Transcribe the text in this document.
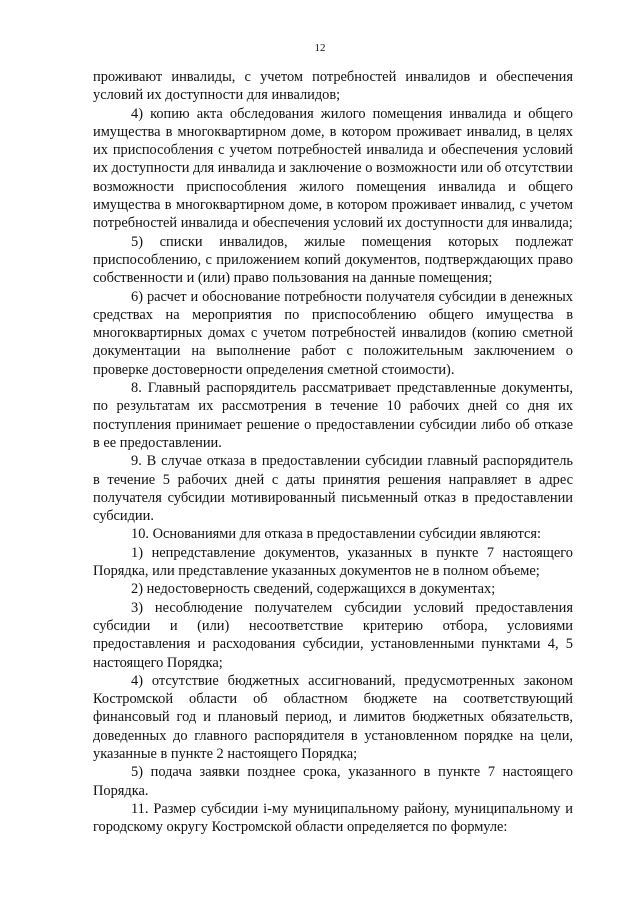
12

проживают инвалиды, с учетом потребностей инвалидов и обеспечения условий их доступности для инвалидов;

4) копию акта обследования жилого помещения инвалида и общего имущества в многоквартирном доме, в котором проживает инвалид, в целях их приспособления с учетом потребностей инвалида и обеспечения условий их доступности для инвалида и заключение о возможности или об отсутствии возможности приспособления жилого помещения инвалида и общего имущества в многоквартирном доме, в котором проживает инвалид, с учетом потребностей инвалида и обеспечения условий их доступности для инвалида;

5) списки инвалидов, жилые помещения которых подлежат приспособлению, с приложением копий документов, подтверждающих право собственности и (или) право пользования на данные помещения;

6) расчет и обоснование потребности получателя субсидии в денежных средствах на мероприятия по приспособлению общего имущества в многоквартирных домах с учетом потребностей инвалидов (копию сметной документации на выполнение работ с положительным заключением о проверке достоверности определения сметной стоимости).

8. Главный распорядитель рассматривает представленные документы, по результатам их рассмотрения в течение 10 рабочих дней со дня их поступления принимает решение о предоставлении субсидии либо об отказе в ее предоставлении.

9. В случае отказа в предоставлении субсидии главный распорядитель в течение 5 рабочих дней с даты принятия решения направляет в адрес получателя субсидии мотивированный письменный отказ в предоставлении субсидии.

10. Основаниями для отказа в предоставлении субсидии являются:

1) непредставление документов, указанных в пункте 7 настоящего Порядка, или представление указанных документов не в полном объеме;

2) недостоверность сведений, содержащихся в документах;

3) несоблюдение получателем субсидии условий предоставления субсидии и (или) несоответствие критерию отбора, условиями предоставления и расходования субсидии, установленными пунктами 4, 5 настоящего Порядка;

4) отсутствие бюджетных ассигнований, предусмотренных законом Костромской области об областном бюджете на соответствующий финансовый год и плановый период, и лимитов бюджетных обязательств, доведенных до главного распорядителя в установленном порядке на цели, указанные в пункте 2 настоящего Порядка;

5) подача заявки позднее срока, указанного в пункте 7 настоящего Порядка.

11. Размер субсидии i-му муниципальному району, муниципальному и городскому округу Костромской области определяется по формуле:
